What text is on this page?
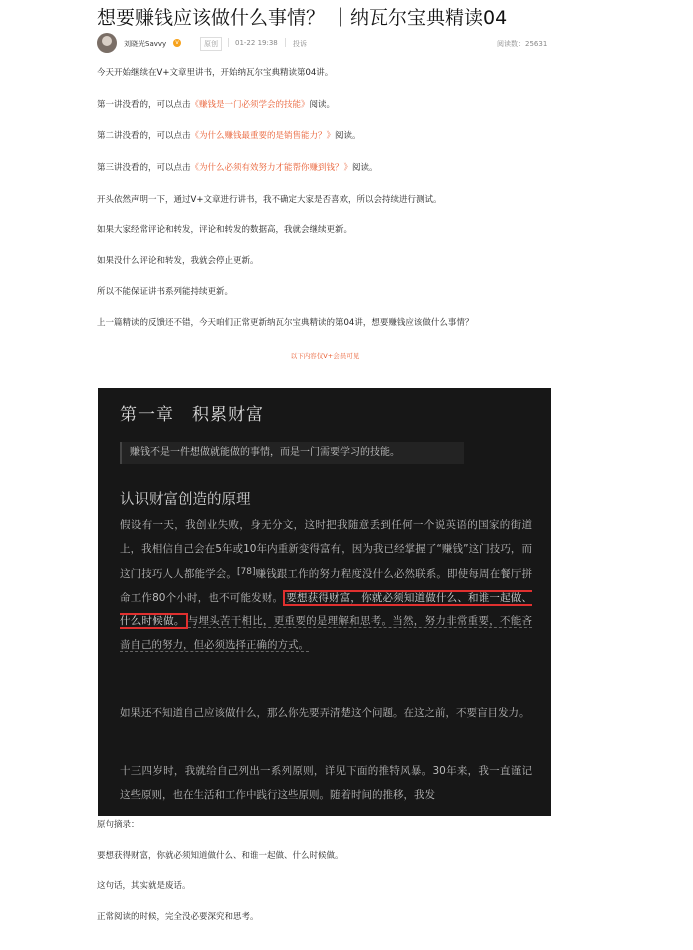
想要赚钱应该做什么事情？ ｜纳瓦尔宝典精读04
刘晓光Savvy	v	原创	01-22 19:38 投诉	阅读数：25631
今天开始继续在V+文章里讲书，开始纳瓦尔宝典精读第04讲。
第一讲没看的，可以点击《赚钱是一门必须学会的技能》阅读。
第二讲没看的，可以点击《为什么赚钱最重要的是销售能力？》阅读。
第三讲没看的，可以点击《为什么必须有效努力才能帮你赚到钱？》阅读。
开头依然声明一下，通过V+文章进行讲书，我不确定大家是否喜欢，所以会持续进行测试。
如果大家经常评论和转发，评论和转发的数据高，我就会继续更新。
如果没什么评论和转发，我就会停止更新。
所以不能保证讲书系列能持续更新。
上一篇精读的反馈还不错，今天咱们正常更新纳瓦尔宝典精读的第04讲，想要赚钱应该做什么事情？
以下内容仅V+会员可见
第一章　积累财富
赚钱不是一件想做就能做的事情，而是一门需要学习的技能。
认识财富创造的原理
假设有一天，我创业失败，身无分文，这时把我随意丢到任何一个说英语的国家的街道上，我相信自己会在5年或10年内重新变得富有，因为我已经掌握了“赚钱”这门技巧，而这门技巧人人都能学会。[78]赚钱跟工作的努力程度没什么必然联系。即使每周在餐厅拼命工作80个小时，也不可能发财。 要想获得财富，你就必须知道做什么、和谁一起做、什么时候做。 与埋头苦干相比，更重要的是理解和思考。当然，努力非常重要，不能吝啬自己的努力，但必须选择正确的方式。
如果还不知道自己应该做什么，那么你先要弄清楚这个问题。在这之前，不要盲目发力。
十三四岁时，我就给自己列出一系列原则，详见下面的推特风暴。30年来，我一直谨记这些原则，也在生活和工作中践行这些原则。随着时间的推移，我发
原句摘录：
要想获得财富，你就必须知道做什么、和谁一起做、什么时候做。
这句话，其实就是废话。
正常阅读的时候，完全没必要深究和思考。
